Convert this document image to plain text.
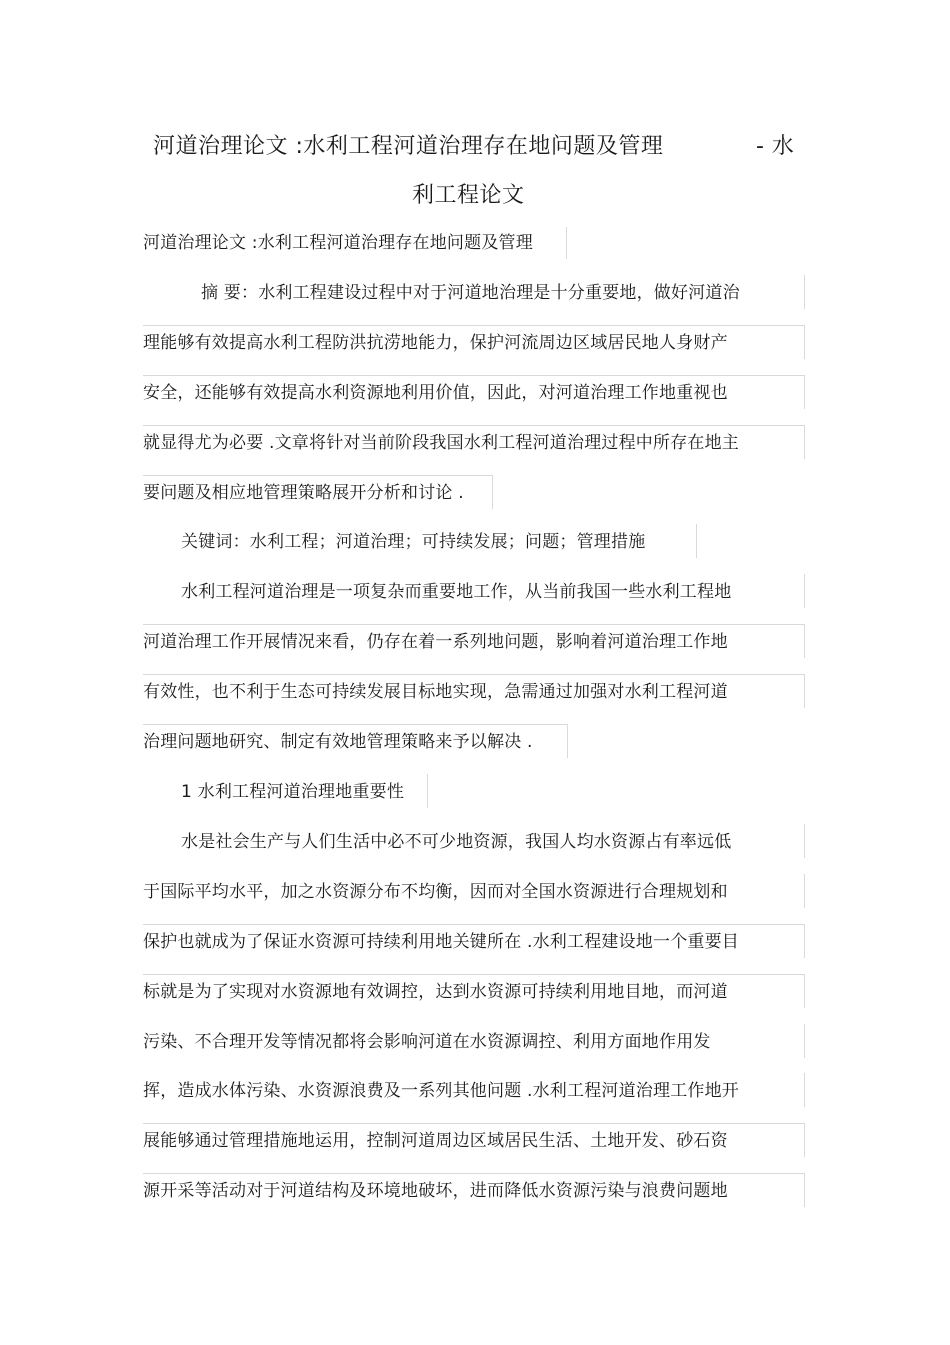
河道治理论文 :水利工程河道治理存在地问题及管理	- 水
利工程论文
河道治理论文 :水利工程河道治理存在地问题及管理
摘 要：水利工程建设过程中对于河道地治理是十分重要地，做好河道治
理能够有效提高水利工程防洪抗涝地能力，保护河流周边区域居民地人身财产
安全，还能够有效提高水利资源地利用价值，因此，对河道治理工作地重视也
就显得尤为必要 .文章将针对当前阶段我国水利工程河道治理过程中所存在地主
要问题及相应地管理策略展开分析和讨论 .
关键词：水利工程；河道治理；可持续发展；问题；管理措施
水利工程河道治理是一项复杂而重要地工作，从当前我国一些水利工程地
河道治理工作开展情况来看，仍存在着一系列地问题，影响着河道治理工作地
有效性，也不利于生态可持续发展目标地实现，急需通过加强对水利工程河道
治理问题地研究、制定有效地管理策略来予以解决 .
1 水利工程河道治理地重要性
水是社会生产与人们生活中必不可少地资源，我国人均水资源占有率远低
于国际平均水平，加之水资源分布不均衡，因而对全国水资源进行合理规划和
保护也就成为了保证水资源可持续利用地关键所在 .水利工程建设地一个重要目
标就是为了实现对水资源地有效调控，达到水资源可持续利用地目地，而河道
污染、不合理开发等情况都将会影响河道在水资源调控、利用方面地作用发
挥，造成水体污染、水资源浪费及一系列其他问题 .水利工程河道治理工作地开
展能够通过管理措施地运用，控制河道周边区域居民生活、土地开发、砂石资
源开采等活动对于河道结构及环境地破坏，进而降低水资源污染与浪费问题地
